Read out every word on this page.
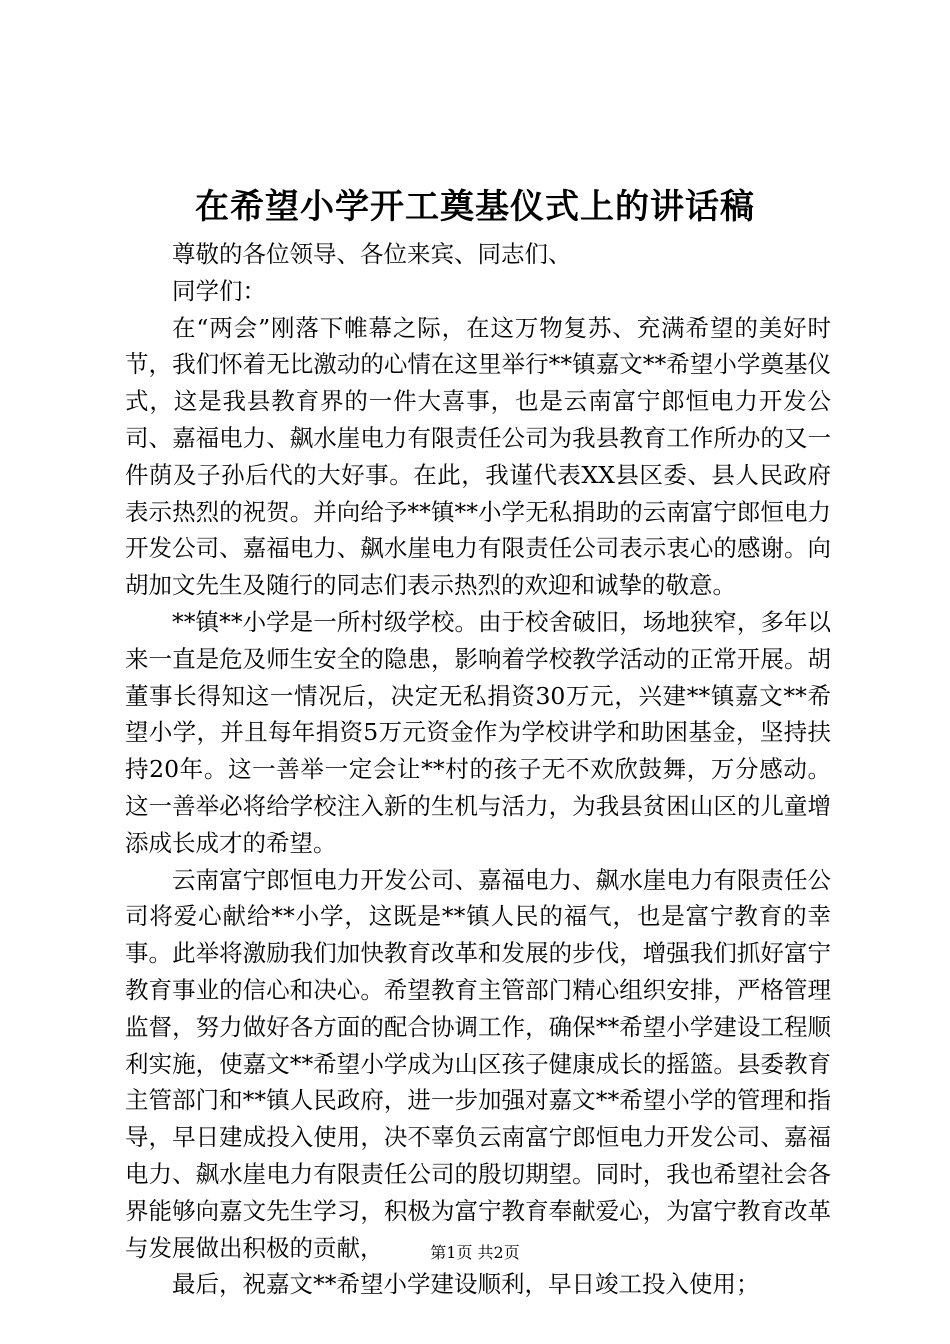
在希望小学开工奠基仪式上的讲话稿

尊敬的各位领导、各位来宾、同志们、

同学们：

在“两会”刚落下帷幕之际，在这万物复苏、充满希望的美好时节，我们怀着无比激动的心情在这里举行**镇嘉文**希望小学奠基仪式，这是我县教育界的一件大喜事，也是云南富宁郎恒电力开发公司、嘉福电力、飙水崖电力有限责任公司为我县教育工作所办的又一件荫及子孙后代的大好事。在此，我谨代表XX县区委、县人民政府表示热烈的祝贺。并向给予**镇**小学无私捐助的云南富宁郎恒电力开发公司、嘉福电力、飙水崖电力有限责任公司表示衷心的感谢。向胡加文先生及随行的同志们表示热烈的欢迎和诚挚的敬意。

**镇**小学是一所村级学校。由于校舍破旧，场地狭窄，多年以来一直是危及师生安全的隐患，影响着学校教学活动的正常开展。胡董事长得知这一情况后，决定无私捐资30万元，兴建**镇嘉文**希望小学，并且每年捐资5万元资金作为学校讲学和助困基金，坚持扶持20年。这一善举一定会让**村的孩子无不欢欣鼓舞，万分感动。这一善举必将给学校注入新的生机与活力，为我县贫困山区的儿童增添成长成才的希望。

云南富宁郎恒电力开发公司、嘉福电力、飙水崖电力有限责任公司将爱心献给**小学，这既是**镇人民的福气，也是富宁教育的幸事。此举将激励我们加快教育改革和发展的步伐，增强我们抓好富宁教育事业的信心和决心。希望教育主管部门精心组织安排，严格管理监督，努力做好各方面的配合协调工作，确保**希望小学建设工程顺利实施，使嘉文**希望小学成为山区孩子健康成长的摇篮。县委教育主管部门和**镇人民政府，进一步加强对嘉文**希望小学的管理和指导，早日建成投入使用，决不辜负云南富宁郎恒电力开发公司、嘉福电力、飙水崖电力有限责任公司的殷切期望。同时，我也希望社会各界能够向嘉文先生学习，积极为富宁教育奉献爱心，为富宁教育改革与发展做出积极的贡献，

最后，祝嘉文**希望小学建设顺利，早日竣工投入使用；

第1页 共2页
